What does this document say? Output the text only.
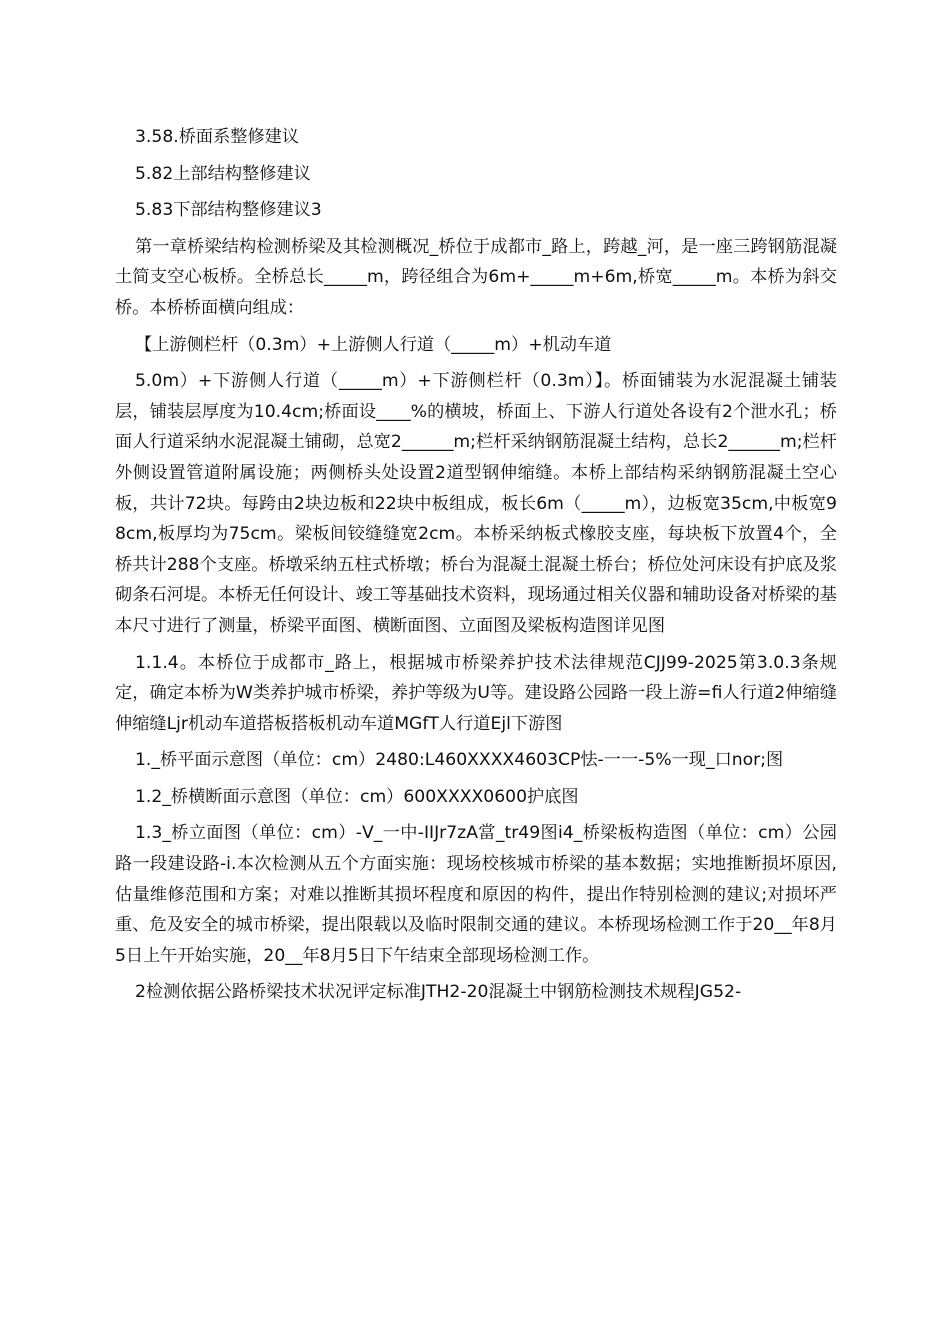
3.58.桥面系整修建议

5.82上部结构整修建议

5.83下部结构整修建议3

第一章桥梁结构检测桥梁及其检测概况_桥位于成都市_路上，跨越_河，是一座三跨钢筋混凝土简支空心板桥。全桥总长_____m，跨径组合为6m+_____m+6m,桥宽_____m。本桥为斜交桥。本桥桥面横向组成：

【上游侧栏杆（0.3m）+上游侧人行道（_____m）+机动车道

5.0m）+下游侧人行道（_____m）+下游侧栏杆（0.3m）】。桥面铺装为水泥混凝土铺装层，铺装层厚度为10.4cm;桥面设____%的横坡，桥面上、下游人行道处各设有2个泄水孔；桥面人行道采纳水泥混凝土铺砌，总宽2______m;栏杆采纳钢筋混凝土结构，总长2______m;栏杆外侧设置管道附属设施；两侧桥头处设置2道型钢伸缩缝。本桥上部结构采纳钢筋混凝土空心板，共计72块。每跨由2块边板和22块中板组成，板长6m（_____m），边板宽35cm,中板宽98cm,板厚均为75cm。梁板间铰缝缝宽2cm。本桥采纳板式橡胶支座，每块板下放置4个，全桥共计288个支座。桥墩采纳五柱式桥墩；桥台为混凝土混凝土桥台；桥位处河床设有护底及浆砌条石河堤。本桥无任何设计、竣工等基础技术资料，现场通过相关仪器和辅助设备对桥梁的基本尺寸进行了测量，桥梁平面图、横断面图、立面图及梁板构造图详见图

1.1.4。本桥位于成都市_路上，根据城市桥梁养护技术法律规范CJJ99-2025第3.0.3条规定，确定本桥为W类养护城市桥梁，养护等级为U等。建设路公园路一段上游=fi人行道2伸缩缝伸缩缝Ljr机动车道搭板搭板机动车道MGfT人行道Ejl下游图

1._桥平面示意图（单位：cm）2480:L460XXXX4603CP怯-一一-5%一现_口nor;图

1.2_桥横断面示意图（单位：cm）600XXXX0600护底图

1.3_桥立面图（单位：cm）-V_一中-IIJr7zA當_tr49图i4_桥梁板构造图（单位：cm）公园路一段建设路-i.本次检测从五个方面实施：现场校核城市桥梁的基本数据；实地推断损坏原因,估量维修范围和方案；对难以推断其损坏程度和原因的构件，提出作特别检测的建议;对损坏严重、危及安全的城市桥梁，提出限载以及临时限制交通的建议。本桥现场检测工作于20__年8月5日上午开始实施，20__年8月5日下午结束全部现场检测工作。

2检测依据公路桥梁技术状况评定标准JTH2-20混凝土中钢筋检测技术规程JG52-
